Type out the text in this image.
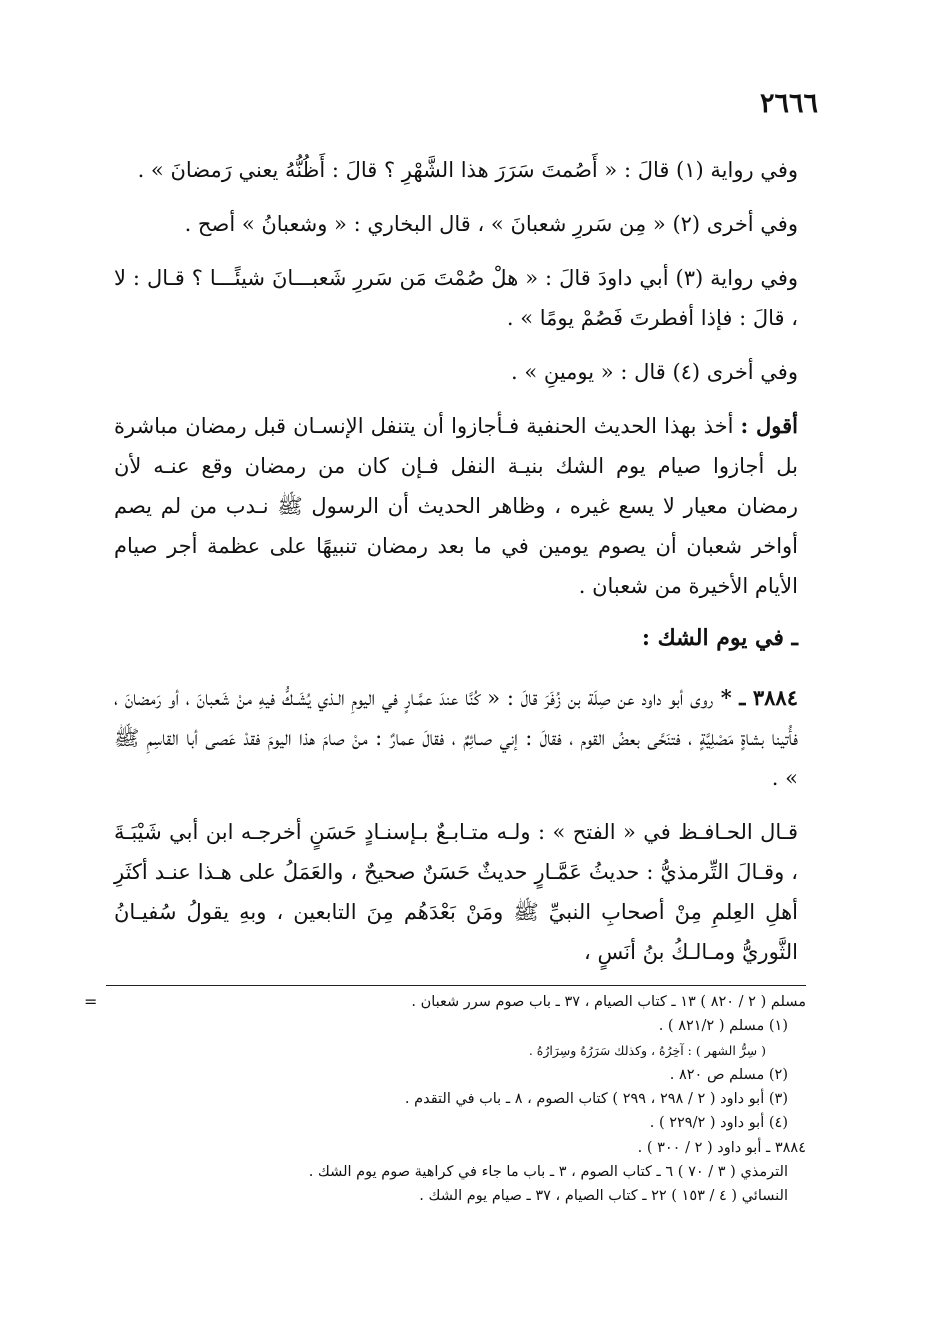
٢٦٦٦

وفي رواية (١) قالَ : « أَصُمتَ سَرَرَ هذا الشَّهْرِ ؟ قالَ : أَظُنُّهُ يعني رَمضانَ » .

وفي أخرى (٢) « مِن سَررِ شعبانَ » ، قال البخاري : « وشعبانُ » أصح .

وفي رواية (٣) أبي داودَ قالَ : « هلْ صُمْتَ مَن سَررِ شَعبـــانَ شيئًـــا ؟ قـال : لا ، قالَ : فإذا أفطرتَ فَصُمْ يومًا » .

وفي أخرى (٤) قال : « يومينِ » .

أقول : أخذ بهذا الحديث الحنفية فـأجازوا أن يتنفل الإنسـان قبل رمضان مباشرة بل أجازوا صيام يوم الشك بنيـة النفل فـإن كان من رمضان وقع عنـه لأن رمضان معيار لا يسع غيره ، وظاهر الحديث أن الرسول ﷺ نـدب من لم يصم أواخر شعبان أن يصوم يومين في ما بعد رمضان تنبيهًا على عظمة أجر صيام الأيام الأخيرة من شعبان .

ـ في يوم الشك :

٣٨٨٤ ـ * روى أبو داود عن صِلَة بن زُفَرَ قالَ : « كُنَّا عندَ عمَّـارٍ في اليومِ الـذي يُشَـكُّ فيهِ منْ شَعبانَ ، أو رَمضانَ ، فأُتينا بشاةٍ مَصْلِيَّةٍ ، فتنَحَّى بعضُ القوم ، فقالَ : إني صـائِمٌ ، فقالَ عمارٌ : منْ صامَ هذا اليومَ فقدْ عَصى أبا القاسِمِ ﷺ » .

قـال الحـافـظ في « الفتح » : ولـه متـابـعٌ بـإسنـادٍ حَسَنٍ أخرجـه ابن أبي شَيْبَـةَ ، وقـالَ التِّرمذيُّ : حديثُ عَمَّـارٍ حديثٌ حَسَنٌ صحيحٌ ، والعَمَلُ على هـذا عنـد أكثَرِ أهلِ العِلمِ مِنْ أصحابِ النبيِّ ﷺ ومَنْ بَعْدَهُم مِنَ التابعين ، وبهِ يقولُ سُفيـانُ الثَّوريُّ ومـالـكُ بنُ أنَسٍ ،

=	مسلم ( ٢ / ٨٢٠ ) ١٣ ـ كتاب الصيام ، ٣٧ ـ باب صوم سرر شعبان .
(١) مسلم ( ٨٢١/٢ ) .
( سِرُّ الشهر ) : آخِرُهُ ، وكذلك سَرَرُهُ وسِرَارُهُ .
(٢) مسلم ص ٨٢٠ .
(٣) أبو داود ( ٢ / ٢٩٨ ، ٢٩٩ ) كتاب الصوم ، ٨ ـ باب في التقدم .
(٤) أبو داود ( ٢٢٩/٢ ) .
٣٨٨٤ ـ أبو داود ( ٢ / ٣٠٠ ) .
الترمذي ( ٣ / ٧٠ ) ٦ ـ كتاب الصوم ، ٣ ـ باب ما جاء في كراهية صوم يوم الشك .
النسائي ( ٤ / ١٥٣ ) ٢٢ ـ كتاب الصيام ، ٣٧ ـ صيام يوم الشك .
